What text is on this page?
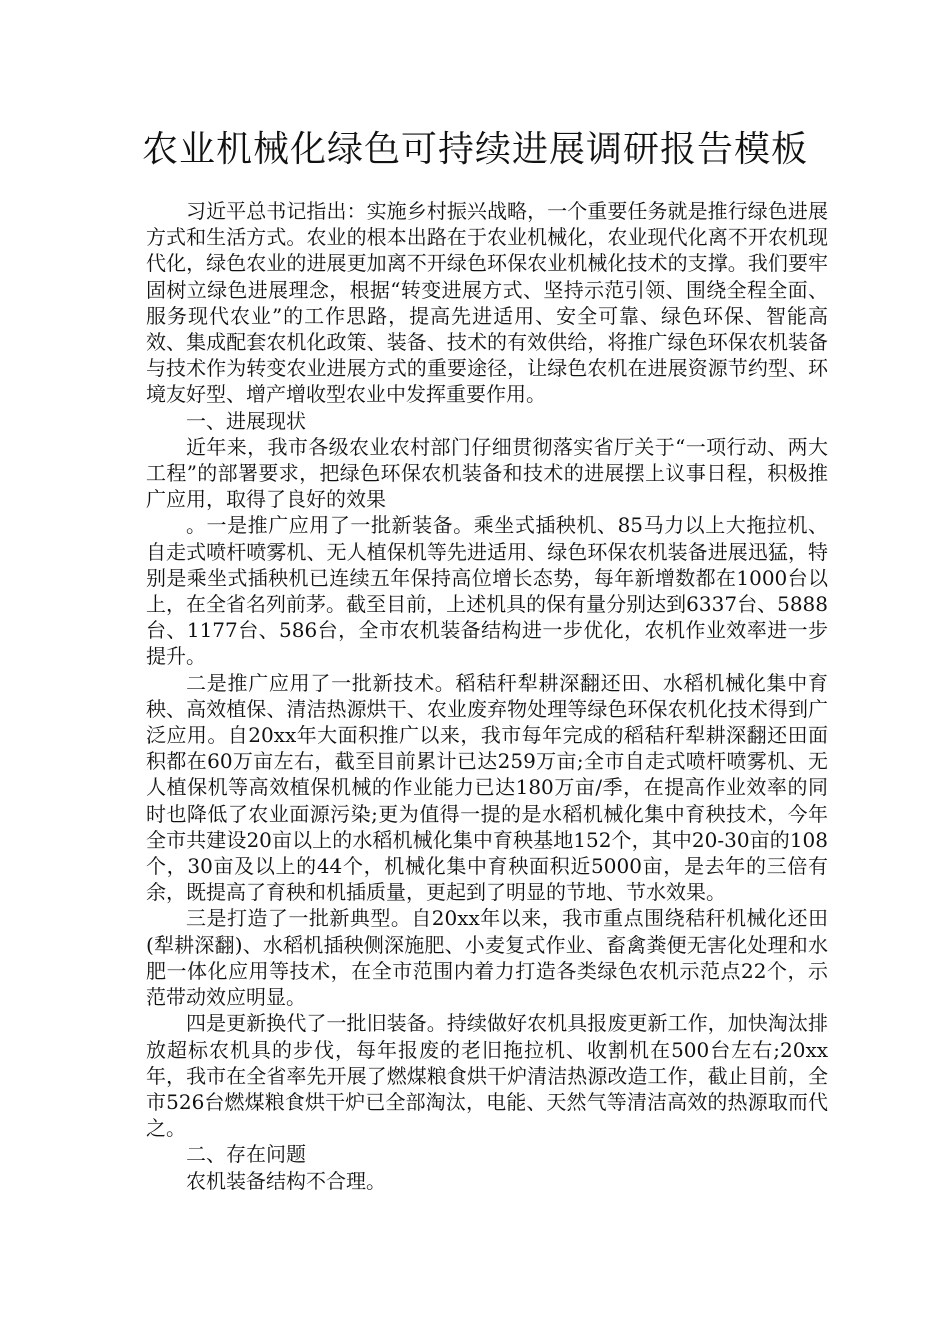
农业机械化绿色可持续进展调研报告模板

习近平总书记指出：实施乡村振兴战略，一个重要任务就是推行绿色进展方式和生活方式。农业的根本出路在于农业机械化，农业现代化离不开农机现代化，绿色农业的进展更加离不开绿色环保农业机械化技术的支撑。我们要牢固树立绿色进展理念，根据“转变进展方式、坚持示范引领、围绕全程全面、服务现代农业”的工作思路，提高先进适用、安全可靠、绿色环保、智能高效、集成配套农机化政策、装备、技术的有效供给，将推广绿色环保农机装备与技术作为转变农业进展方式的重要途径，让绿色农机在进展资源节约型、环境友好型、增产增收型农业中发挥重要作用。

一、进展现状

近年来，我市各级农业农村部门仔细贯彻落实省厅关于“一项行动、两大工程”的部署要求，把绿色环保农机装备和技术的进展摆上议事日程，积极推广应用，取得了良好的效果

。一是推广应用了一批新装备。乘坐式插秧机、85马力以上大拖拉机、自走式喷杆喷雾机、无人植保机等先进适用、绿色环保农机装备进展迅猛，特别是乘坐式插秧机已连续五年保持高位增长态势，每年新增数都在1000台以上，在全省名列前茅。截至目前，上述机具的保有量分别达到6337台、5888台、1177台、586台，全市农机装备结构进一步优化，农机作业效率进一步提升。

二是推广应用了一批新技术。稻秸秆犁耕深翻还田、水稻机械化集中育秧、高效植保、清洁热源烘干、农业废弃物处理等绿色环保农机化技术得到广泛应用。自20xx年大面积推广以来，我市每年完成的稻秸秆犁耕深翻还田面积都在60万亩左右，截至目前累计已达259万亩;全市自走式喷杆喷雾机、无人植保机等高效植保机械的作业能力已达180万亩/季，在提高作业效率的同时也降低了农业面源污染;更为值得一提的是水稻机械化集中育秧技术，今年全市共建设20亩以上的水稻机械化集中育秧基地152个，其中20-30亩的108个，30亩及以上的44个，机械化集中育秧面积近5000亩，是去年的三倍有余，既提高了育秧和机插质量，更起到了明显的节地、节水效果。

三是打造了一批新典型。自20xx年以来，我市重点围绕秸秆机械化还田(犁耕深翻)、水稻机插秧侧深施肥、小麦复式作业、畜禽粪便无害化处理和水肥一体化应用等技术，在全市范围内着力打造各类绿色农机示范点22个，示范带动效应明显。

四是更新换代了一批旧装备。持续做好农机具报废更新工作，加快淘汰排放超标农机具的步伐，每年报废的老旧拖拉机、收割机在500台左右;20xx年，我市在全省率先开展了燃煤粮食烘干炉清洁热源改造工作，截止目前，全市526台燃煤粮食烘干炉已全部淘汰，电能、天然气等清洁高效的热源取而代之。

二、存在问题

农机装备结构不合理。
